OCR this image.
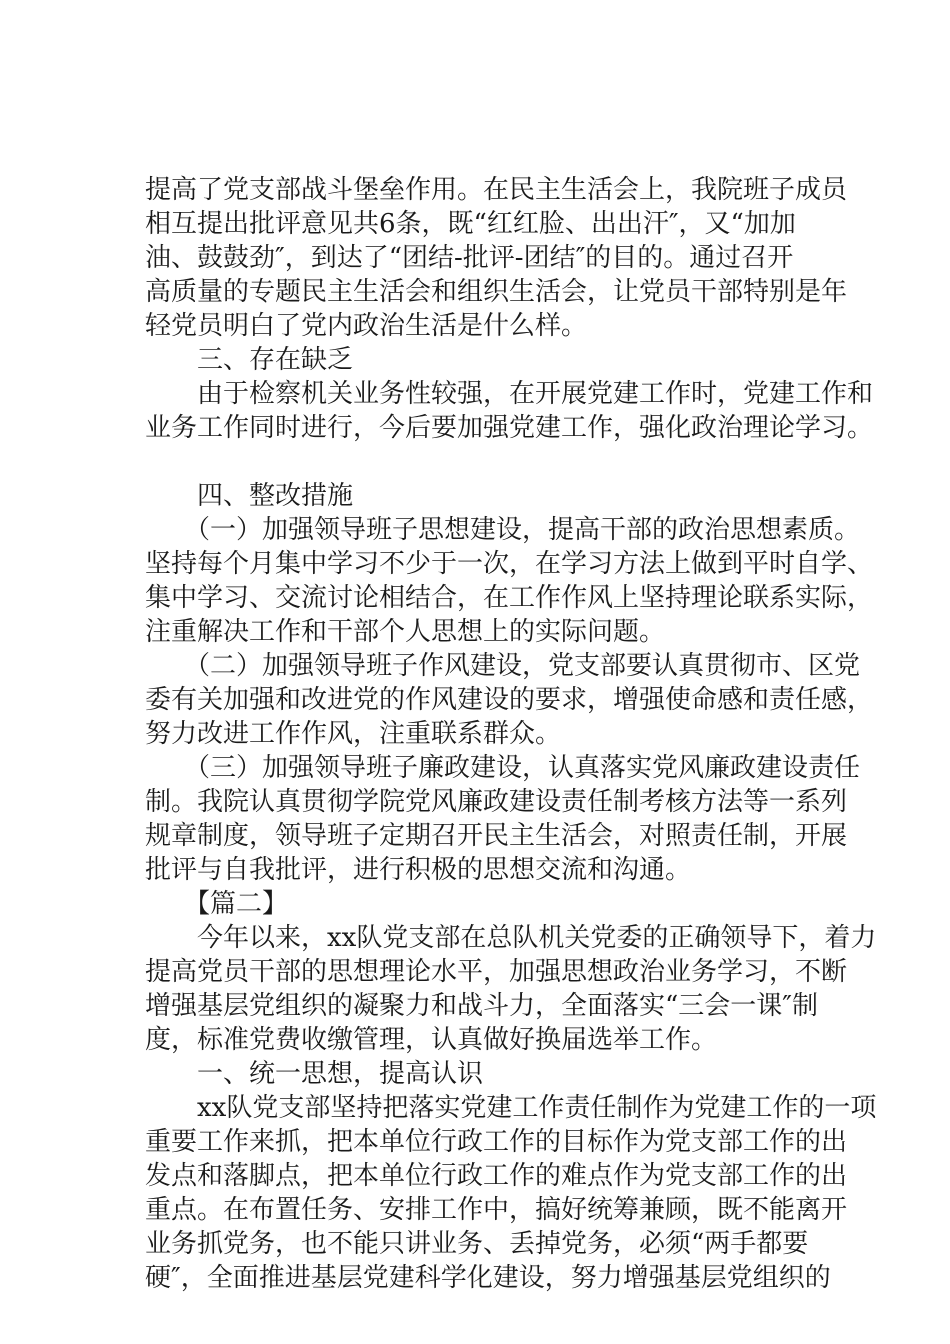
提高了党支部战斗堡垒作用。在民主生活会上，我院班子成员
相互提出批评意见共6条，既“红红脸、出出汗″，又“加加
油、鼓鼓劲″，到达了“团结-批评-团结″的目的。通过召开
高质量的专题民主生活会和组织生活会，让党员干部特别是年
轻党员明白了党内政治生活是什么样。
　　三、存在缺乏
　　由于检察机关业务性较强，在开展党建工作时，党建工作和
业务工作同时进行，今后要加强党建工作，强化政治理论学习。
　　四、整改措施
　　（一）加强领导班子思想建设，提高干部的政治思想素质。
坚持每个月集中学习不少于一次，在学习方法上做到平时自学、
集中学习、交流讨论相结合，在工作作风上坚持理论联系实际，
注重解决工作和干部个人思想上的实际问题。
　　（二）加强领导班子作风建设，党支部要认真贯彻市、区党
委有关加强和改进党的作风建设的要求，增强使命感和责任感，
努力改进工作作风，注重联系群众。
　　（三）加强领导班子廉政建设，认真落实党风廉政建设责任
制。我院认真贯彻学院党风廉政建设责任制考核方法等一系列
规章制度，领导班子定期召开民主生活会，对照责任制，开展
批评与自我批评，进行积极的思想交流和沟通。
　　【篇二】
　　今年以来，xx队党支部在总队机关党委的正确领导下，着力
提高党员干部的思想理论水平，加强思想政治业务学习，不断
增强基层党组织的凝聚力和战斗力，全面落实“三会一课″制
度，标准党费收缴管理，认真做好换届选举工作。
　　一、统一思想，提高认识
　　xx队党支部坚持把落实党建工作责任制作为党建工作的一项
重要工作来抓，把本单位行政工作的目标作为党支部工作的出
发点和落脚点，把本单位行政工作的难点作为党支部工作的出
重点。在布置任务、安排工作中，搞好统筹兼顾，既不能离开
业务抓党务，也不能只讲业务、丢掉党务，必须“两手都要
硬″，全面推进基层党建科学化建设，努力增强基层党组织的
